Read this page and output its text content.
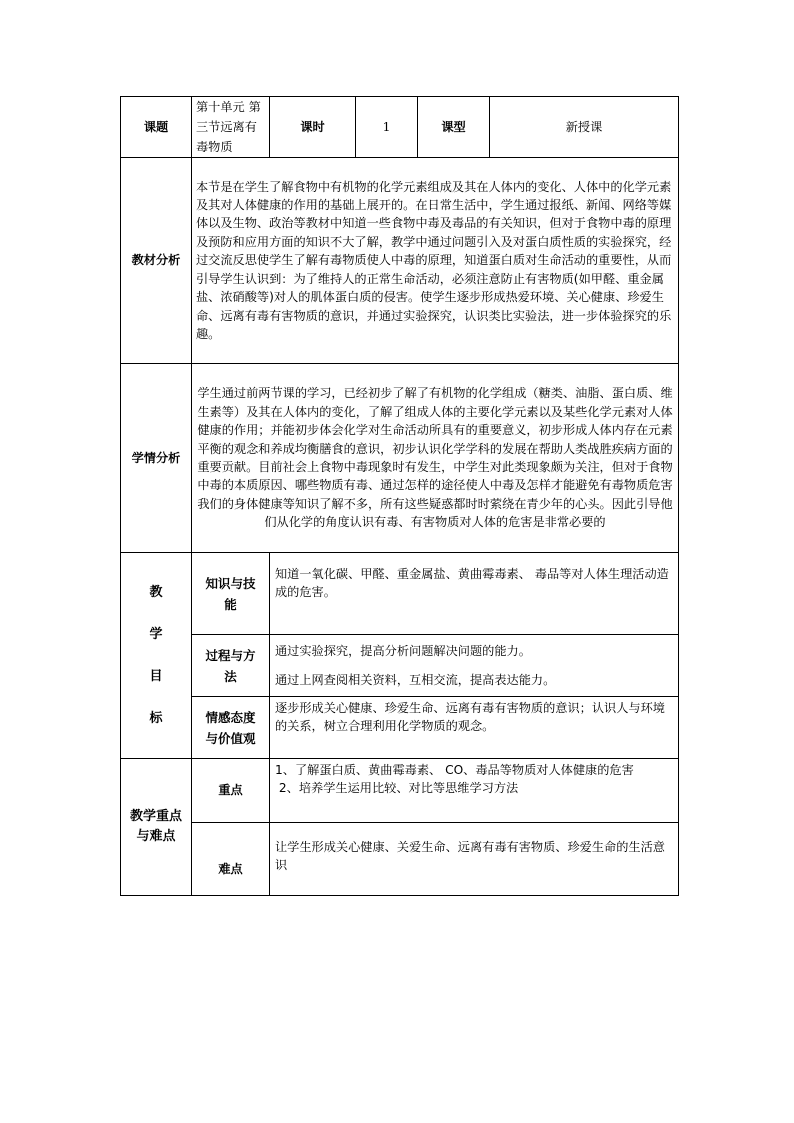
课题	第十单元 第三节远离有毒物质	课时	1	课型	新授课
教材分析	本节是在学生了解食物中有机物的化学元素组成及其在人体内的变化、人体中的化学元素及其对人体健康的作用的基础上展开的。在日常生活中，学生通过报纸、新闻、网络等媒体以及生物、政治等教材中知道一些食物中毒及毒品的有关知识，但对于食物中毒的原理及预防和应用方面的知识不大了解，教学中通过问题引入及对蛋白质性质的实验探究，经过交流反思使学生了解有毒物质使人中毒的原理，知道蛋白质对生命活动的重要性，从而引导学生认识到：为了维持人的正常生命活动，必须注意防止有害物质(如甲醛、重金属盐、浓硝酸等)对人的肌体蛋白质的侵害。使学生逐步形成热爱环境、关心健康、珍爱生命、远离有毒有害物质的意识，并通过实验探究，认识类比实验法，进一步体验探究的乐趣。				
学情分析	学生通过前两节课的学习，已经初步了解了有机物的化学组成（糖类、油脂、蛋白质、维生素等）及其在人体内的变化，了解了组成人体的主要化学元素以及某些化学元素对人体健康的作用；并能初步体会化学对生命活动所具有的重要意义，初步形成人体内存在元素平衡的观念和养成均衡膳食的意识，初步认识化学学科的发展在帮助人类战胜疾病方面的重要贡献。目前社会上食物中毒现象时有发生，中学生对此类现象颇为关注，但对于食物中毒的本质原因、哪些物质有毒、通过怎样的途径使人中毒及怎样才能避免有毒物质危害我们的身体健康等知识了解不多，所有这些疑惑都时时萦绕在青少年的心头。因此引导他们从化学的角度认识有毒、有害物质对人体的危害是非常必要的				

教
学
目
标	知识与技能	知道一氧化碳、甲醛、重金属盐、黄曲霉毒素、 毒品等对人体生理活动造成的危害。			
	过程与方法	通过实验探究，提高分析问题解决问题的能力。
通过上网查阅相关资料，互相交流，提高表达能力。			

	情感态度与价值观	逐步形成关心健康、珍爱生命、远离有毒有害物质的意识；认识人与环境的关系，树立合理利用化学物质的观念。			
教学重点与难点	重点	1、了解蛋白质、黄曲霉毒素、 CO、毒品等物质对人体健康的危害
2、培养学生运用比较、对比等思维学习方法			

	难点	让学生形成关心健康、关爱生命、远离有毒有害物质、珍爱生命的生活意识			
